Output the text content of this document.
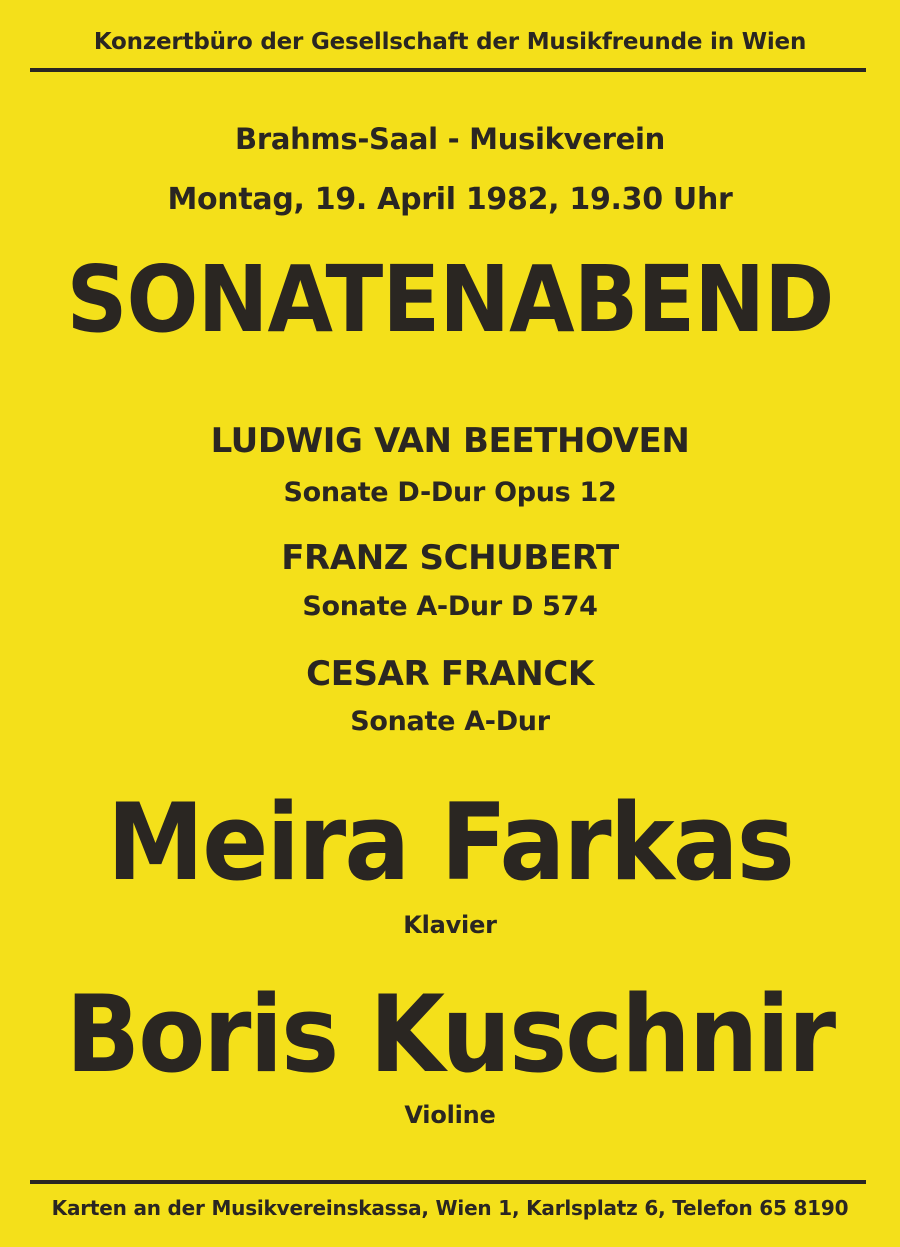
Konzertbüro der Gesellschaft der Musikfreunde in Wien
Brahms-Saal - Musikverein
Montag, 19. April 1982, 19.30 Uhr
SONATENABEND
LUDWIG VAN BEETHOVEN
Sonate D-Dur Opus 12
FRANZ SCHUBERT
Sonate A-Dur D 574
CESAR FRANCK
Sonate A-Dur
Meira Farkas
Klavier
Boris Kuschnir
Violine
Karten an der Musikvereinskassa, Wien 1, Karlsplatz 6, Telefon 65 8190
